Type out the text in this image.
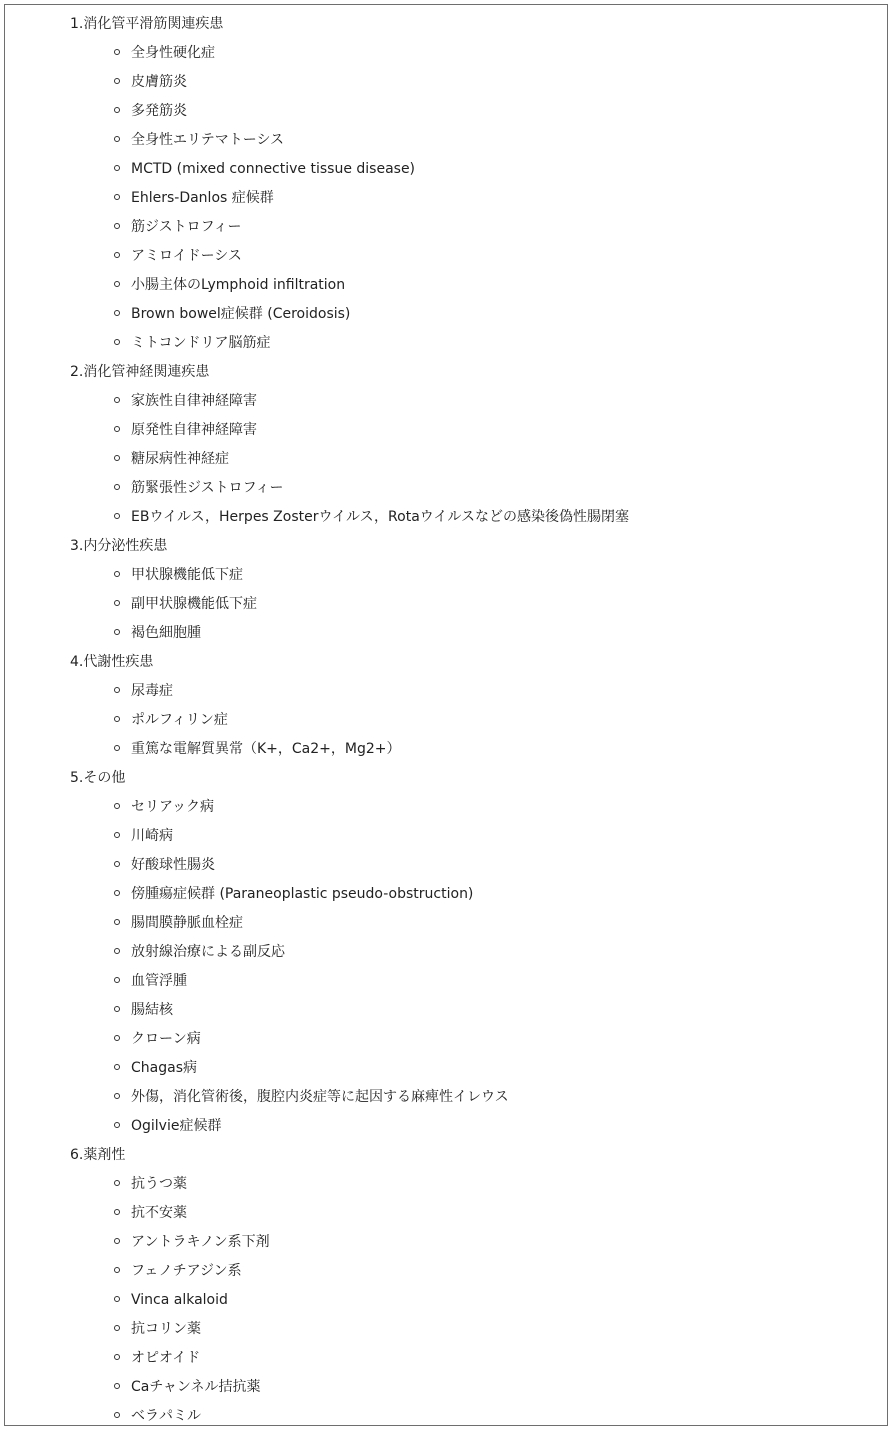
1.消化管平滑筋関連疾患
全身性硬化症
皮膚筋炎
多発筋炎
全身性エリテマトーシス
MCTD (mixed connective tissue disease)
Ehlers-Danlos 症候群
筋ジストロフィー
アミロイドーシス
小腸主体のLymphoid infiltration
Brown bowel症候群 (Ceroidosis)
ミトコンドリア脳筋症
2.消化管神経関連疾患
家族性自律神経障害
原発性自律神経障害
糖尿病性神経症
筋緊張性ジストロフィー
EBウイルス，Herpes Zosterウイルス，Rotaウイルスなどの感染後偽性腸閉塞
3.内分泌性疾患
甲状腺機能低下症
副甲状腺機能低下症
褐色細胞腫
4.代謝性疾患
尿毒症
ポルフィリン症
重篤な電解質異常（K+，Ca2+，Mg2+）
5.その他
セリアック病
川崎病
好酸球性腸炎
傍腫瘍症候群 (Paraneoplastic pseudo-obstruction)
腸間膜静脈血栓症
放射線治療による副反応
血管浮腫
腸結核
クローン病
Chagas病
外傷，消化管術後，腹腔内炎症等に起因する麻痺性イレウス
Ogilvie症候群
6.薬剤性
抗うつ薬
抗不安薬
アントラキノン系下剤
フェノチアジン系
Vinca alkaloid
抗コリン薬
オピオイド
Caチャンネル拮抗薬
ベラパミル
